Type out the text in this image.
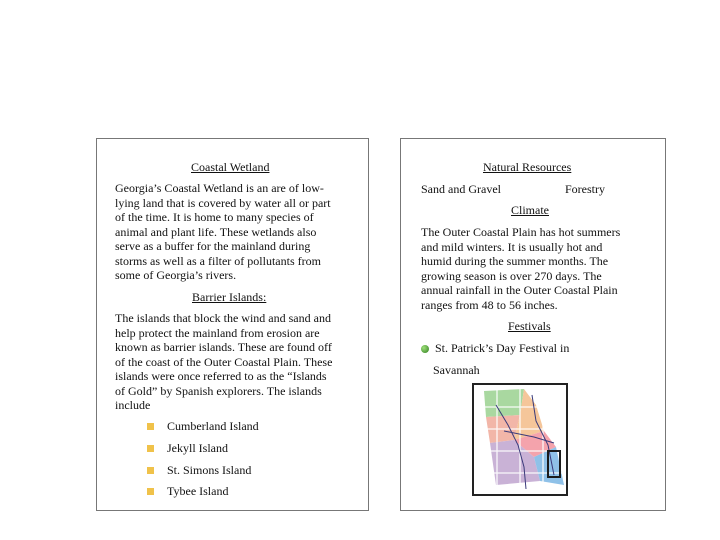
Coastal Wetland
Georgia’s Coastal Wetland is an are of low-
lying land that is covered by water all or part
of the time. It is home to many species of
animal and plant life. These wetlands also
serve as a buffer for the mainland during
storms as well as a filter of pollutants from
some of Georgia’s rivers.
Barrier Islands:
The islands that block the wind and sand and
help protect the mainland from erosion are
known as barrier islands. These are found off
of the coast of the Outer Coastal Plain. These
islands were once referred to as the “Islands
of Gold” by Spanish explorers. The islands
include
Cumberland Island
Jekyll Island
St. Simons Island
Tybee Island
Natural Resources
Sand and Gravel	Forestry
Climate
The Outer Coastal Plain has hot summers
and mild winters. It is usually hot and
humid during the summer months. The
growing season is over 270 days. The
annual rainfall in the Outer Coastal Plain
ranges from 48 to 56 inches.
Festivals
St. Patrick’s Day Festival in
Savannah
